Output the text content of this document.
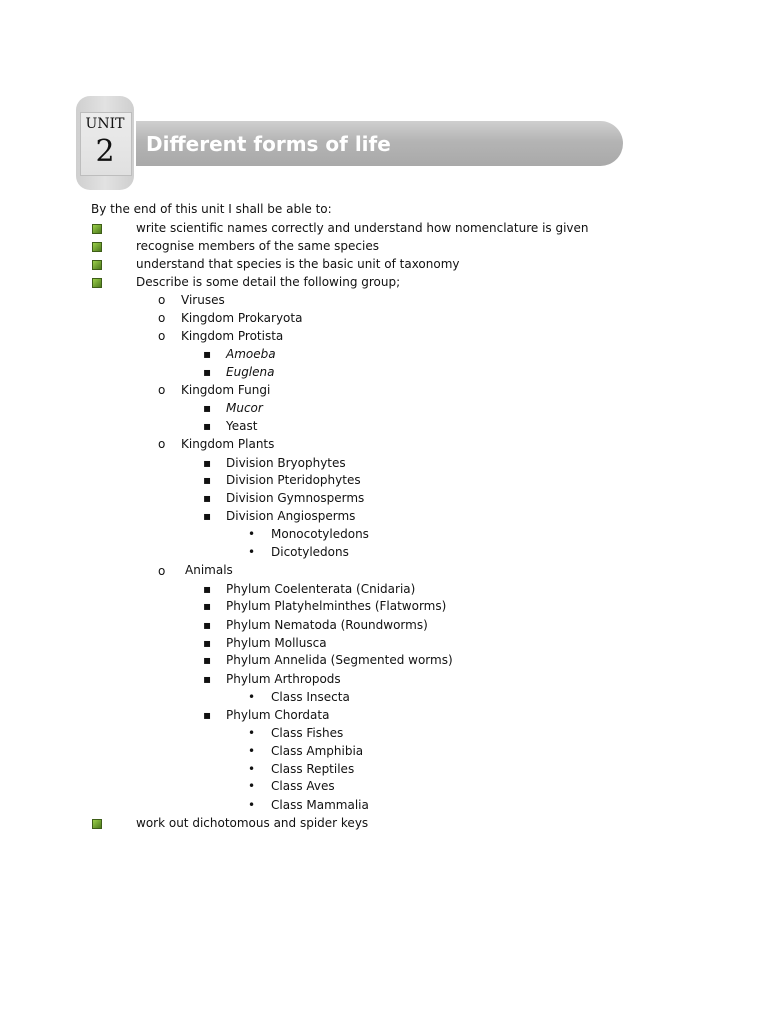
UNIT
2	Different forms of life
By the end of this unit I shall be able to:
write scientific names correctly and understand how nomenclature is given
recognise members of the same species
understand that species is the basic unit of taxonomy
Describe is some detail the following group;
o Viruses
o Kingdom Prokaryota
o Kingdom Protista
▪ Amoeba
▪ Euglena
o Kingdom Fungi
▪ Mucor
▪ Yeast
o Kingdom Plants
▪ Division Bryophytes
▪ Division Pteridophytes
▪ Division Gymnosperms
▪ Division Angiosperms
• Monocotyledons
• Dicotyledons
o Animals
▪ Phylum Coelenterata (Cnidaria)
▪ Phylum Platyhelminthes (Flatworms)
▪ Phylum Nematoda (Roundworms)
▪ Phylum Mollusca
▪ Phylum Annelida (Segmented worms)
▪ Phylum Arthropods
• Class Insecta
▪ Phylum Chordata
• Class Fishes
• Class Amphibia
• Class Reptiles
• Class Aves
• Class Mammalia
work out dichotomous and spider keys
